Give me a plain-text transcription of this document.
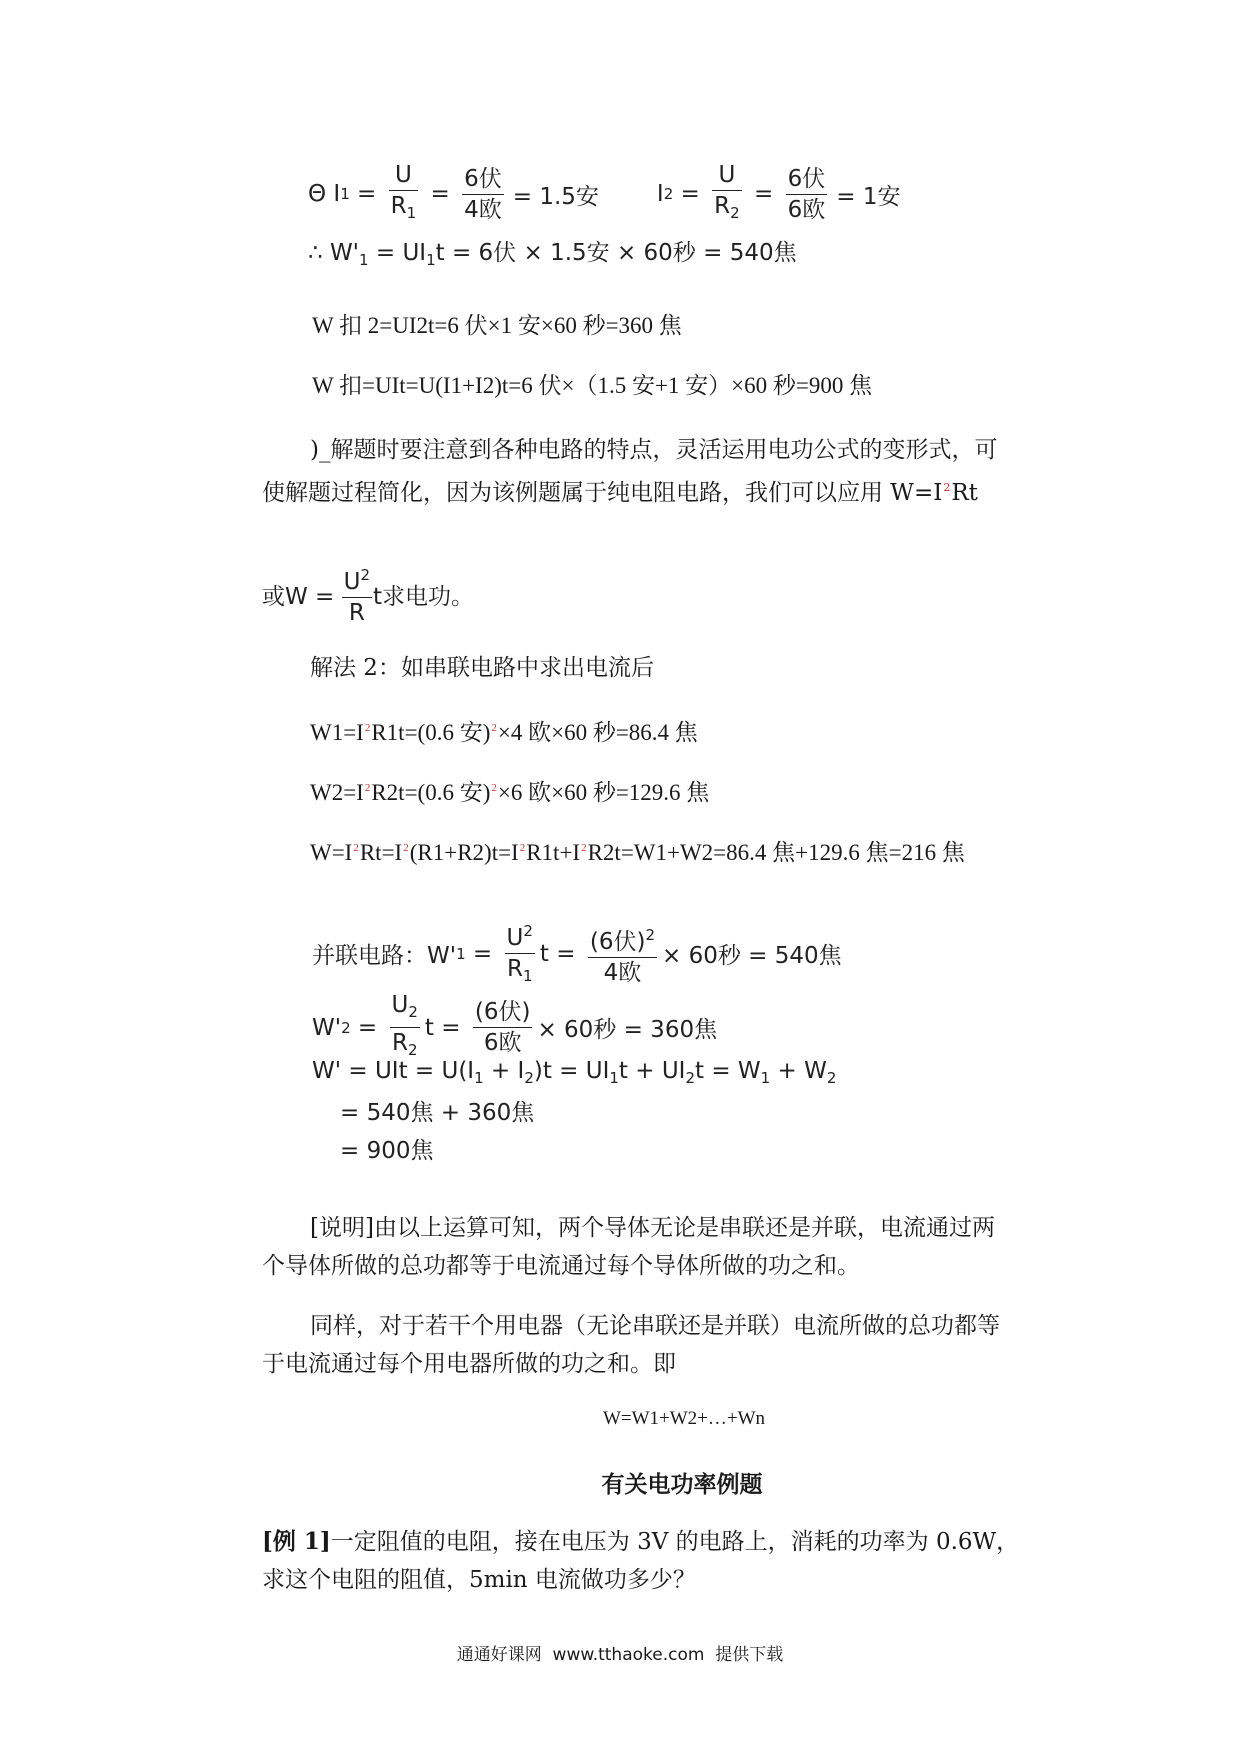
Θ I $1 = \frac{U}{R_1} = \frac{\text{6伏}}{\text{4欧}} = 1.5$安	I $2 = \frac{U}{R_2} = \frac{\text{6伏}}{\text{6欧}} = 1$安
∴ $W'_1 = UI_1t = 6$伏 × 1.5安 × 60秒 = 540焦
W 扣 2=UI2t=6 伏×1 安×60 秒=360 焦
W 扣=UIt=U(I1+I2)t=6 伏×（1.5 安+1 安）×60 秒=900 焦
)_解题时要注意到各种电路的特点，灵活运用电功公式的变形式，可
使解题过程简化，因为该例题属于纯电阻电路，我们可以应用 $W=I^2Rt$
或$W = \frac{U^2}{R}$ t求电功。
解法 2：如串联电路中求出电流后
$W1=I^2R1t=(0.6$ 安)$^2$×4 欧×60 秒=86.4 焦
$W2=I^2R2t=(0.6$ 安)$^2$×6 欧×60 秒=129.6 焦
$W=I^2Rt=I^2(R1+R2)t=I^2R1t+I^2R2t=W1+W2=86.4$ 焦+129.6 焦=216 焦
并联电路：W' $1 = \frac{U^2}{R_1}$ $t = \frac{(6伏)^2}{\text{4欧}} \times 60$秒 = 540焦
W' $2 = \frac{U_2}{R_2}$ $t = \frac{\text{(6伏)}}{\text{6欧}} \times 60$秒 = 360焦
W' = UIt = $U(I_1 + I_2)t = UI_1t + UI_2t = W_1 + W_2$
= 540焦 + 360焦
= 900焦
[说明]由以上运算可知，两个导体无论是串联还是并联，电流通过两
个导体所做的总功都等于电流通过每个导体所做的功之和。
同样，对于若干个用电器（无论串联还是并联）电流所做的总功都等
于电流通过每个用电器所做的功之和。即
W=W1+W2+…+Wn
有关电功率例题
[例 1]一定阻值的电阻，接在电压为 3V 的电路上，消耗的功率为 0.6W，
求这个电阻的阻值，5min 电流做功多少？
通通好课网  www.tthaoke.com  提供下载
